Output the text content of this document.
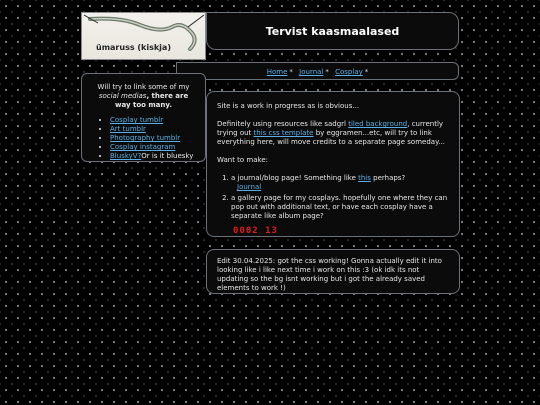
ümaruss (kiskja)
Tervist kaasmaalased
Home * Journal * Cosplay *

Will try to link some of my social medias, there are way too many.

• Cosplay tumblr
• Art tumblr
• Photography tumblr
• Cosplay instagram
• BluskyV?Or is it bluesky

Site is a work in progress as is obvious...

Definitely using resources like sadgrl tiled background, currently trying out this css template by eggramen...etc, will try to link everything here, will move credits to a separate page someday...

Want to make:

1. a journal/blog page! Something like this perhaps?
Journal
2. a gallery page for my cosplays. hopefully one where they can pop out with additional text, or have each cosplay have a separate like album page?
0002 13
Edit 30.04.2025: got the css working! Gonna actually edit it into looking like i like next time i work on this :3 (ok idk its not updating so the bg isnt working but i got the already saved elements to work !)
